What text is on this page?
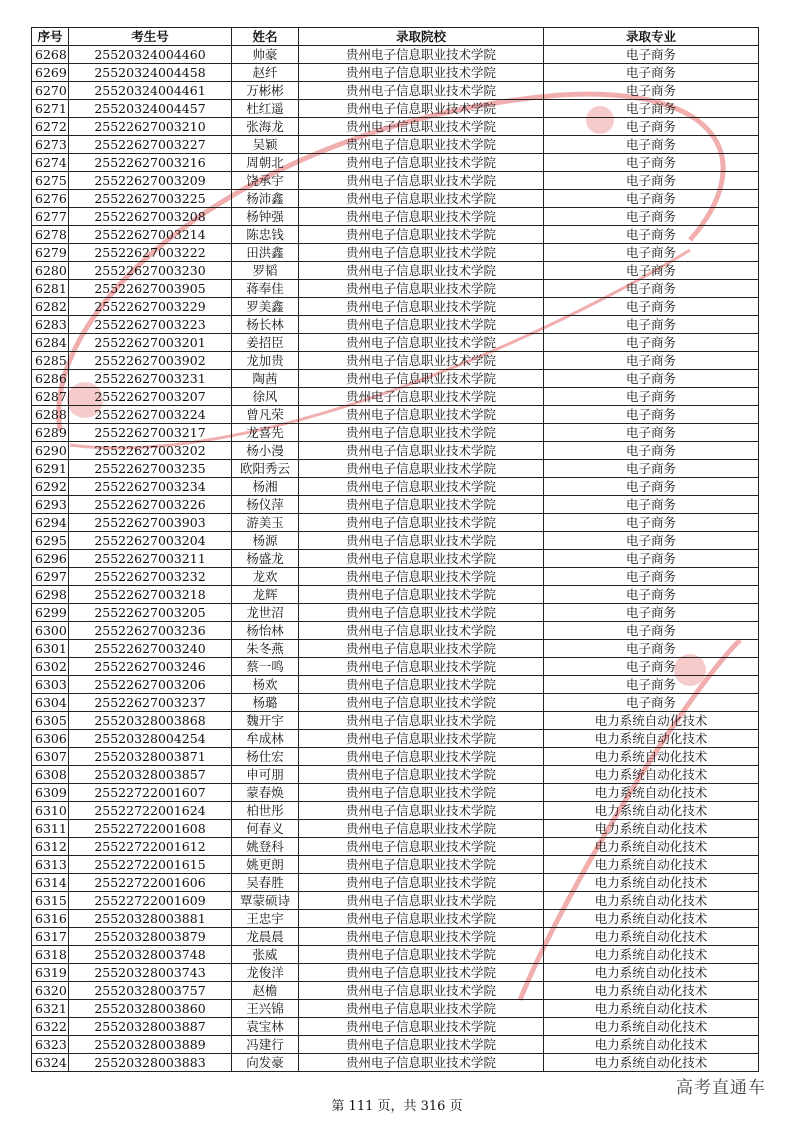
序号	考生号	姓名	录取院校	录取专业
6268	25520324004460	帅豪	贵州电子信息职业技术学院	电子商务
6269	25520324004458	赵纤	贵州电子信息职业技术学院	电子商务
6270	25520324004461	万彬彬	贵州电子信息职业技术学院	电子商务
6271	25520324004457	杜红遥	贵州电子信息职业技术学院	电子商务
6272	25522627003210	张海龙	贵州电子信息职业技术学院	电子商务
6273	25522627003227	吴颖	贵州电子信息职业技术学院	电子商务
6274	25522627003216	周朝北	贵州电子信息职业技术学院	电子商务
6275	25522627003209	饶承宇	贵州电子信息职业技术学院	电子商务
6276	25522627003225	杨沛鑫	贵州电子信息职业技术学院	电子商务
6277	25522627003208	杨钟强	贵州电子信息职业技术学院	电子商务
6278	25522627003214	陈忠钱	贵州电子信息职业技术学院	电子商务
6279	25522627003222	田洪鑫	贵州电子信息职业技术学院	电子商务
6280	25522627003230	罗韬	贵州电子信息职业技术学院	电子商务
6281	25522627003905	蒋奉佳	贵州电子信息职业技术学院	电子商务
6282	25522627003229	罗美鑫	贵州电子信息职业技术学院	电子商务
6283	25522627003223	杨长林	贵州电子信息职业技术学院	电子商务
6284	25522627003201	姜招臣	贵州电子信息职业技术学院	电子商务
6285	25522627003902	龙加贵	贵州电子信息职业技术学院	电子商务
6286	25522627003231	陶茜	贵州电子信息职业技术学院	电子商务
6287	25522627003207	徐风	贵州电子信息职业技术学院	电子商务
6288	25522627003224	曾凡荣	贵州电子信息职业技术学院	电子商务
6289	25522627003217	龙喜先	贵州电子信息职业技术学院	电子商务
6290	25522627003202	杨小漫	贵州电子信息职业技术学院	电子商务
6291	25522627003235	欧阳秀云	贵州电子信息职业技术学院	电子商务
6292	25522627003234	杨湘	贵州电子信息职业技术学院	电子商务
6293	25522627003226	杨仪萍	贵州电子信息职业技术学院	电子商务
6294	25522627003903	游美玉	贵州电子信息职业技术学院	电子商务
6295	25522627003204	杨源	贵州电子信息职业技术学院	电子商务
6296	25522627003211	杨盛龙	贵州电子信息职业技术学院	电子商务
6297	25522627003232	龙欢	贵州电子信息职业技术学院	电子商务
6298	25522627003218	龙辉	贵州电子信息职业技术学院	电子商务
6299	25522627003205	龙世沼	贵州电子信息职业技术学院	电子商务
6300	25522627003236	杨怡林	贵州电子信息职业技术学院	电子商务
6301	25522627003240	朱冬燕	贵州电子信息职业技术学院	电子商务
6302	25522627003246	蔡一鸣	贵州电子信息职业技术学院	电子商务
6303	25522627003206	杨欢	贵州电子信息职业技术学院	电子商务
6304	25522627003237	杨璐	贵州电子信息职业技术学院	电子商务
6305	25520328003868	魏开宇	贵州电子信息职业技术学院	电力系统自动化技术
6306	25520328004254	牟成林	贵州电子信息职业技术学院	电力系统自动化技术
6307	25520328003871	杨仕宏	贵州电子信息职业技术学院	电力系统自动化技术
6308	25520328003857	申可朋	贵州电子信息职业技术学院	电力系统自动化技术
6309	25522722001607	蒙春焕	贵州电子信息职业技术学院	电力系统自动化技术
6310	25522722001624	柏世彤	贵州电子信息职业技术学院	电力系统自动化技术
6311	25522722001608	何春义	贵州电子信息职业技术学院	电力系统自动化技术
6312	25522722001612	姚登科	贵州电子信息职业技术学院	电力系统自动化技术
6313	25522722001615	姚更朗	贵州电子信息职业技术学院	电力系统自动化技术
6314	25522722001606	吴春胜	贵州电子信息职业技术学院	电力系统自动化技术
6315	25522722001609	覃蒙硕诗	贵州电子信息职业技术学院	电力系统自动化技术
6316	25520328003881	王忠宇	贵州电子信息职业技术学院	电力系统自动化技术
6317	25520328003879	龙晨晨	贵州电子信息职业技术学院	电力系统自动化技术
6318	25520328003748	张威	贵州电子信息职业技术学院	电力系统自动化技术
6319	25520328003743	龙俊洋	贵州电子信息职业技术学院	电力系统自动化技术
6320	25520328003757	赵檐	贵州电子信息职业技术学院	电力系统自动化技术
6321	25520328003860	王兴锦	贵州电子信息职业技术学院	电力系统自动化技术
6322	25520328003887	袁宝林	贵州电子信息职业技术学院	电力系统自动化技术
6323	25520328003889	冯建行	贵州电子信息职业技术学院	电力系统自动化技术
6324	25520328003883	向发豪	贵州电子信息职业技术学院	电力系统自动化技术
第 111 页，共 316 页
高考直通车
